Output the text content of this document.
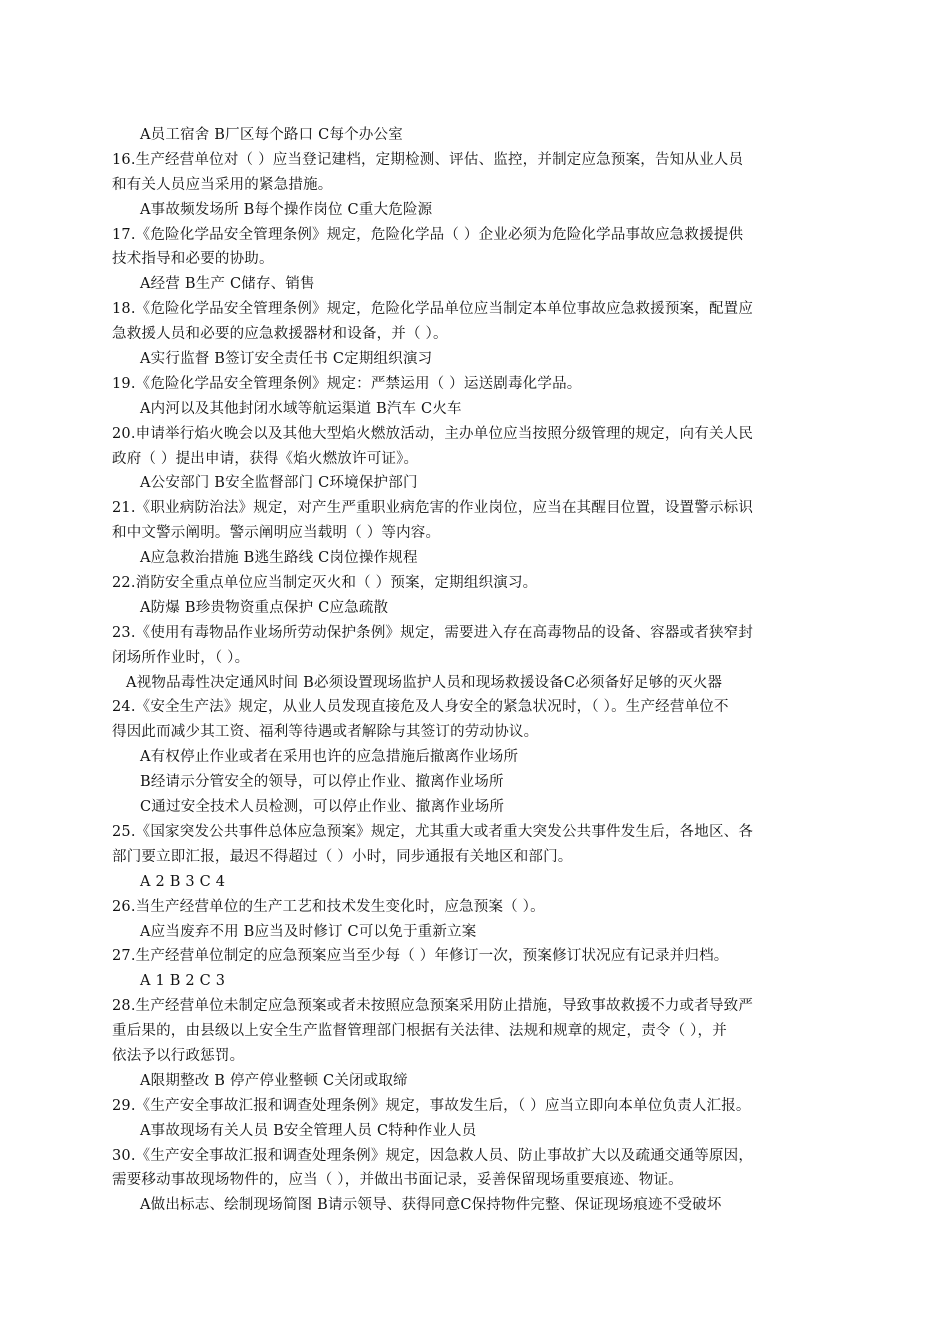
A员工宿舍 B厂区每个路口 C每个办公室
16.生产经营单位对（ ）应当登记建档，定期检测、评估、监控，并制定应急预案，告知从业人员
和有关人员应当采用的紧急措施。
A事故频发场所 B每个操作岗位 C重大危险源
17.《危险化学品安全管理条例》规定，危险化学品（ ）企业必须为危险化学品事故应急救援提供
技术指导和必要的协助。
A经营 B生产 C储存、销售
18.《危险化学品安全管理条例》规定，危险化学品单位应当制定本单位事故应急救援预案，配置应
急救援人员和必要的应急救援器材和设备，并（ ）。
A实行监督 B签订安全责任书 C定期组织演习
19.《危险化学品安全管理条例》规定：严禁运用（ ）运送剧毒化学品。
A内河以及其他封闭水域等航运渠道 B汽车 C火车
20.申请举行焰火晚会以及其他大型焰火燃放活动，主办单位应当按照分级管理的规定，向有关人民
政府（ ）提出申请，获得《焰火燃放许可证》。
A公安部门 B安全监督部门 C环境保护部门
21.《职业病防治法》规定，对产生严重职业病危害的作业岗位，应当在其醒目位置，设置警示标识
和中文警示阐明。警示阐明应当载明（ ）等内容。
A应急救治措施 B逃生路线 C岗位操作规程
22.消防安全重点单位应当制定灭火和（ ）预案，定期组织演习。
A防爆 B珍贵物资重点保护 C应急疏散
23.《使用有毒物品作业场所劳动保护条例》规定，需要进入存在高毒物品的设备、容器或者狭窄封
闭场所作业时，（ ）。
A视物品毒性决定通风时间 B必须设置现场监护人员和现场救援设备C必须备好足够的灭火器
24.《安全生产法》规定，从业人员发现直接危及人身安全的紧急状况时，（ ）。生产经营单位不
得因此而减少其工资、福利等待遇或者解除与其签订的劳动协议。
A有权停止作业或者在采用也许的应急措施后撤离作业场所
B经请示分管安全的领导，可以停止作业、撤离作业场所
C通过安全技术人员检测，可以停止作业、撤离作业场所
25.《国家突发公共事件总体应急预案》规定，尤其重大或者重大突发公共事件发生后，各地区、各
部门要立即汇报，最迟不得超过（ ）小时，同步通报有关地区和部门。
A 2 B 3 C 4
26.当生产经营单位的生产工艺和技术发生变化时，应急预案（ ）。
A应当废弃不用 B应当及时修订 C可以免于重新立案
27.生产经营单位制定的应急预案应当至少每（ ）年修订一次，预案修订状况应有记录并归档。
A 1 B 2 C 3
28.生产经营单位未制定应急预案或者未按照应急预案采用防止措施，导致事故救援不力或者导致严
重后果的，由县级以上安全生产监督管理部门根据有关法律、法规和规章的规定，责令（ ），并
依法予以行政惩罚。
A限期整改 B 停产停业整顿 C关闭或取缔
29.《生产安全事故汇报和调查处理条例》规定，事故发生后，（ ）应当立即向本单位负责人汇报。
A事故现场有关人员 B安全管理人员 C特种作业人员
30.《生产安全事故汇报和调查处理条例》规定，因急救人员、防止事故扩大以及疏通交通等原因，
需要移动事故现场物件的，应当（ ），并做出书面记录，妥善保留现场重要痕迹、物证。
A做出标志、绘制现场简图 B请示领导、获得同意C保持物件完整、保证现场痕迹不受破坏
